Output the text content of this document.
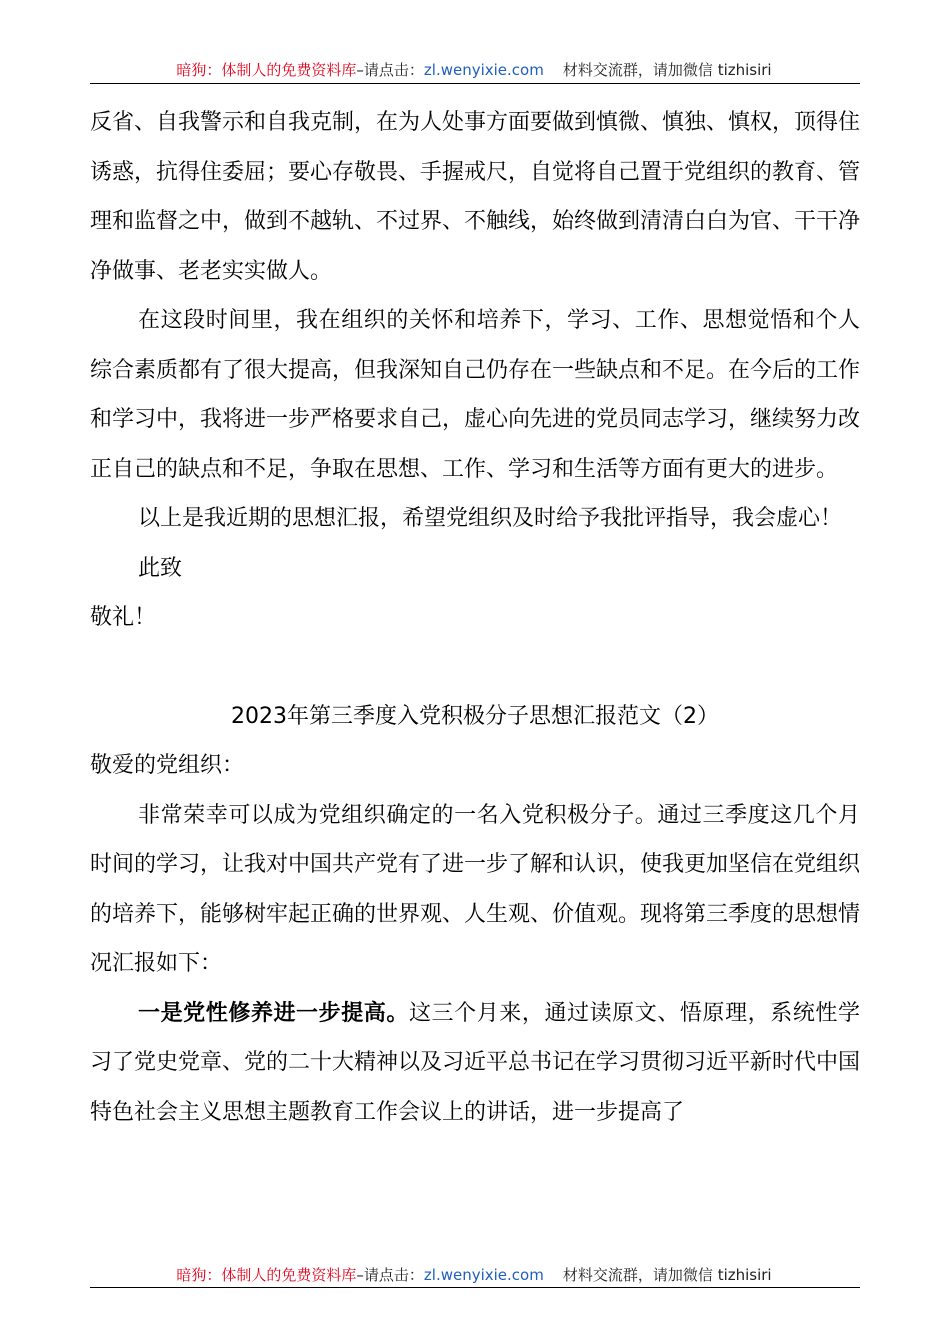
暗狗：体制人的免费资料库–请点击：zl.wenyixie.com 材料交流群，请加微信 tizhisiri

反省、自我警示和自我克制，在为人处事方面要做到慎微、慎独、慎权，顶得住诱惑，抗得住委屈；要心存敬畏、手握戒尺，自觉将自己置于党组织的教育、管理和监督之中，做到不越轨、不过界、不触线，始终做到清清白白为官、干干净净做事、老老实实做人。

在这段时间里，我在组织的关怀和培养下，学习、工作、思想觉悟和个人综合素质都有了很大提高，但我深知自己仍存在一些缺点和不足。在今后的工作和学习中，我将进一步严格要求自己，虚心向先进的党员同志学习，继续努力改正自己的缺点和不足，争取在思想、工作、学习和生活等方面有更大的进步。

以上是我近期的思想汇报，希望党组织及时给予我批评指导，我会虚心！

此致

敬礼！

2023年第三季度入党积极分子思想汇报范文（2）

敬爱的党组织：

非常荣幸可以成为党组织确定的一名入党积极分子。通过三季度这几个月时间的学习，让我对中国共产党有了进一步了解和认识，使我更加坚信在党组织的培养下，能够树牢起正确的世界观、人生观、价值观。现将第三季度的思想情况汇报如下：

一是党性修养进一步提高。这三个月来，通过读原文、悟原理，系统性学习了党史党章、党的二十大精神以及习近平总书记在学习贯彻习近平新时代中国特色社会主义思想主题教育工作会议上的讲话，进一步提高了

暗狗：体制人的免费资料库–请点击：zl.wenyixie.com 材料交流群，请加微信 tizhisiri
